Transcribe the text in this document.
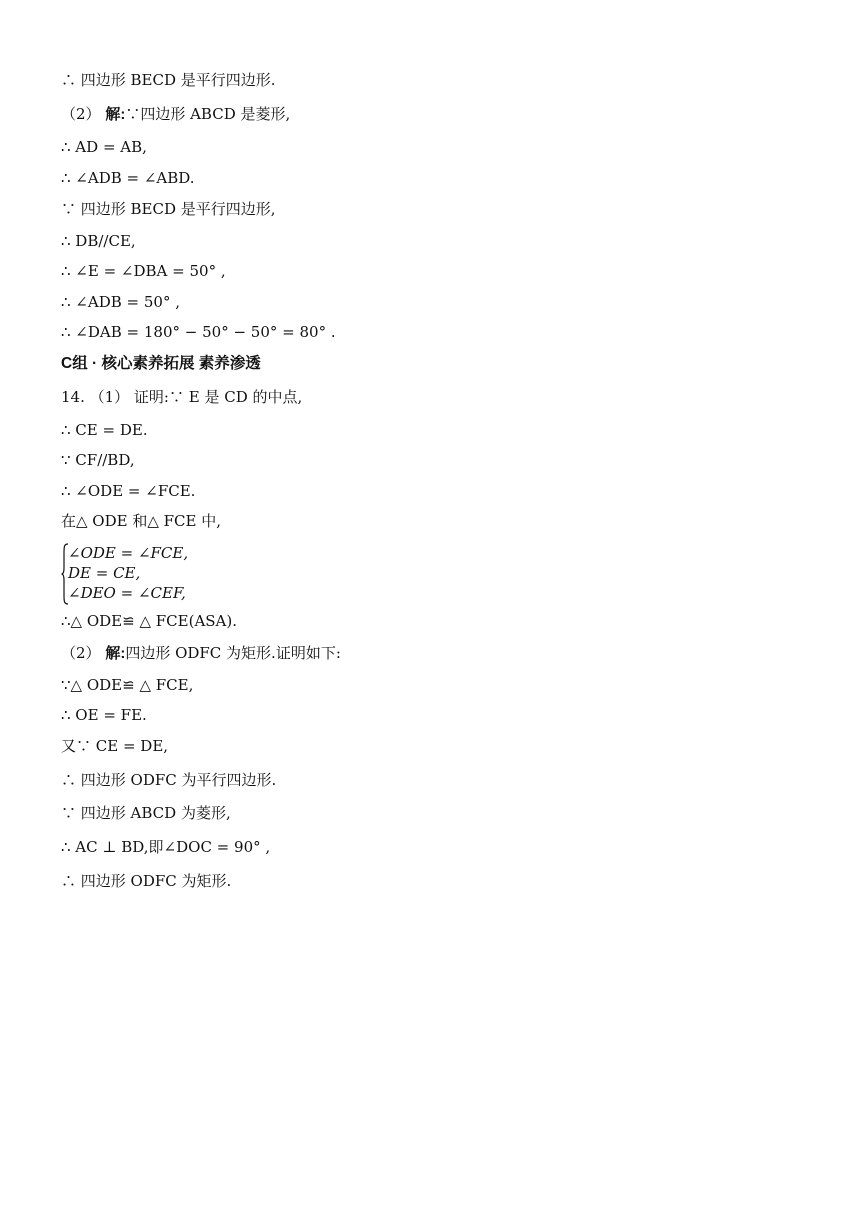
∴ 四边形 BECD 是平行四边形.
（2） 解:∵四边形 ABCD 是菱形,
∴ AD = AB,
∴ ∠ADB = ∠ABD.
∵ 四边形 BECD 是平行四边形,
∴ DB//CE,
∴ ∠E = ∠DBA = 50° ,
∴ ∠ADB = 50° ,
∴ ∠DAB = 180° − 50° − 50° = 80° .
C组 · 核心素养拓展 素养渗透
14. （1） 证明:∵ E 是 CD 的中点,
∴ CE = DE.
∵ CF//BD,
∴ ∠ODE = ∠FCE.
在△ ODE 和△ FCE 中,
∠ODE = ∠FCE,
DE = CE,
∠DEO = ∠CEF,
∴△ ODE≌ △ FCE(ASA).
（2） 解:四边形 ODFC 为矩形.证明如下:
∵△ ODE≌ △ FCE,
∴ OE = FE.
又∵ CE = DE,
∴ 四边形 ODFC 为平行四边形.
∵ 四边形 ABCD 为菱形,
∴ AC ⊥ BD,即∠DOC = 90° ,
∴ 四边形 ODFC 为矩形.
